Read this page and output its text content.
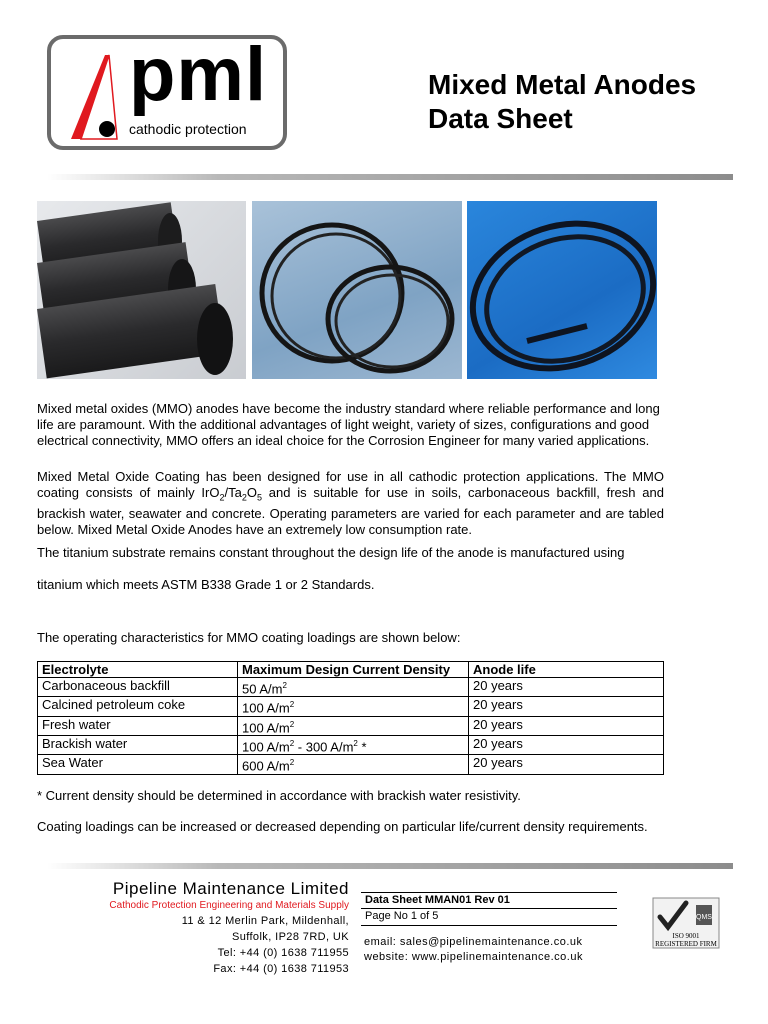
pml
cathodic protection
Mixed Metal Anodes
Data Sheet

Mixed metal oxides (MMO) anodes have become the industry standard where reliable performance and long life are paramount. With the additional advantages of light weight, variety of sizes, configurations and good electrical connectivity, MMO offers an ideal choice for the Corrosion Engineer for many varied applications.

Mixed Metal Oxide Coating has been designed for use in all cathodic protection applications. The MMO coating consists of mainly $IrO_2/Ta_2O_5$ and is suitable for use in soils, carbonaceous backfill, fresh and brackish water, seawater and concrete. Operating parameters are varied for each parameter and are tabled below. Mixed Metal Oxide Anodes have an extremely low consumption rate.

The titanium substrate remains constant throughout the design life of the anode is manufactured using

titanium which meets ASTM B338 Grade 1 or 2 Standards.

The operating characteristics for MMO coating loadings are shown below:

Electrolyte	Maximum Design Current Density	Anode life
Carbonaceous backfill	50 $A/m^2$	20 years
Calcined petroleum coke	100 $A/m^2$	20 years
Fresh water	100 $A/m^2$	20 years
Brackish water	100 $A/m^2 - 300$ $A/m^2$ *	20 years
Sea Water	600 $A/m^2$	20 years

* Current density should be determined in accordance with brackish water resistivity.

Coating loadings can be increased or decreased depending on particular life/current density requirements.

Pipeline Maintenance Limited
Cathodic Protection Engineering and Materials Supply
11 & 12 Merlin Park, Mildenhall,
Suffolk, IP28 7RD, UK
Tel: +44 (0) 1638 711955
Fax: +44 (0) 1638 711953
Data Sheet MMAN01 Rev 01
Page No 1 of 5
email: sales@pipelinemaintenance.co.uk
website: www.pipelinemaintenance.co.uk
QMS
ISO 9001
REGISTERED FIRM
